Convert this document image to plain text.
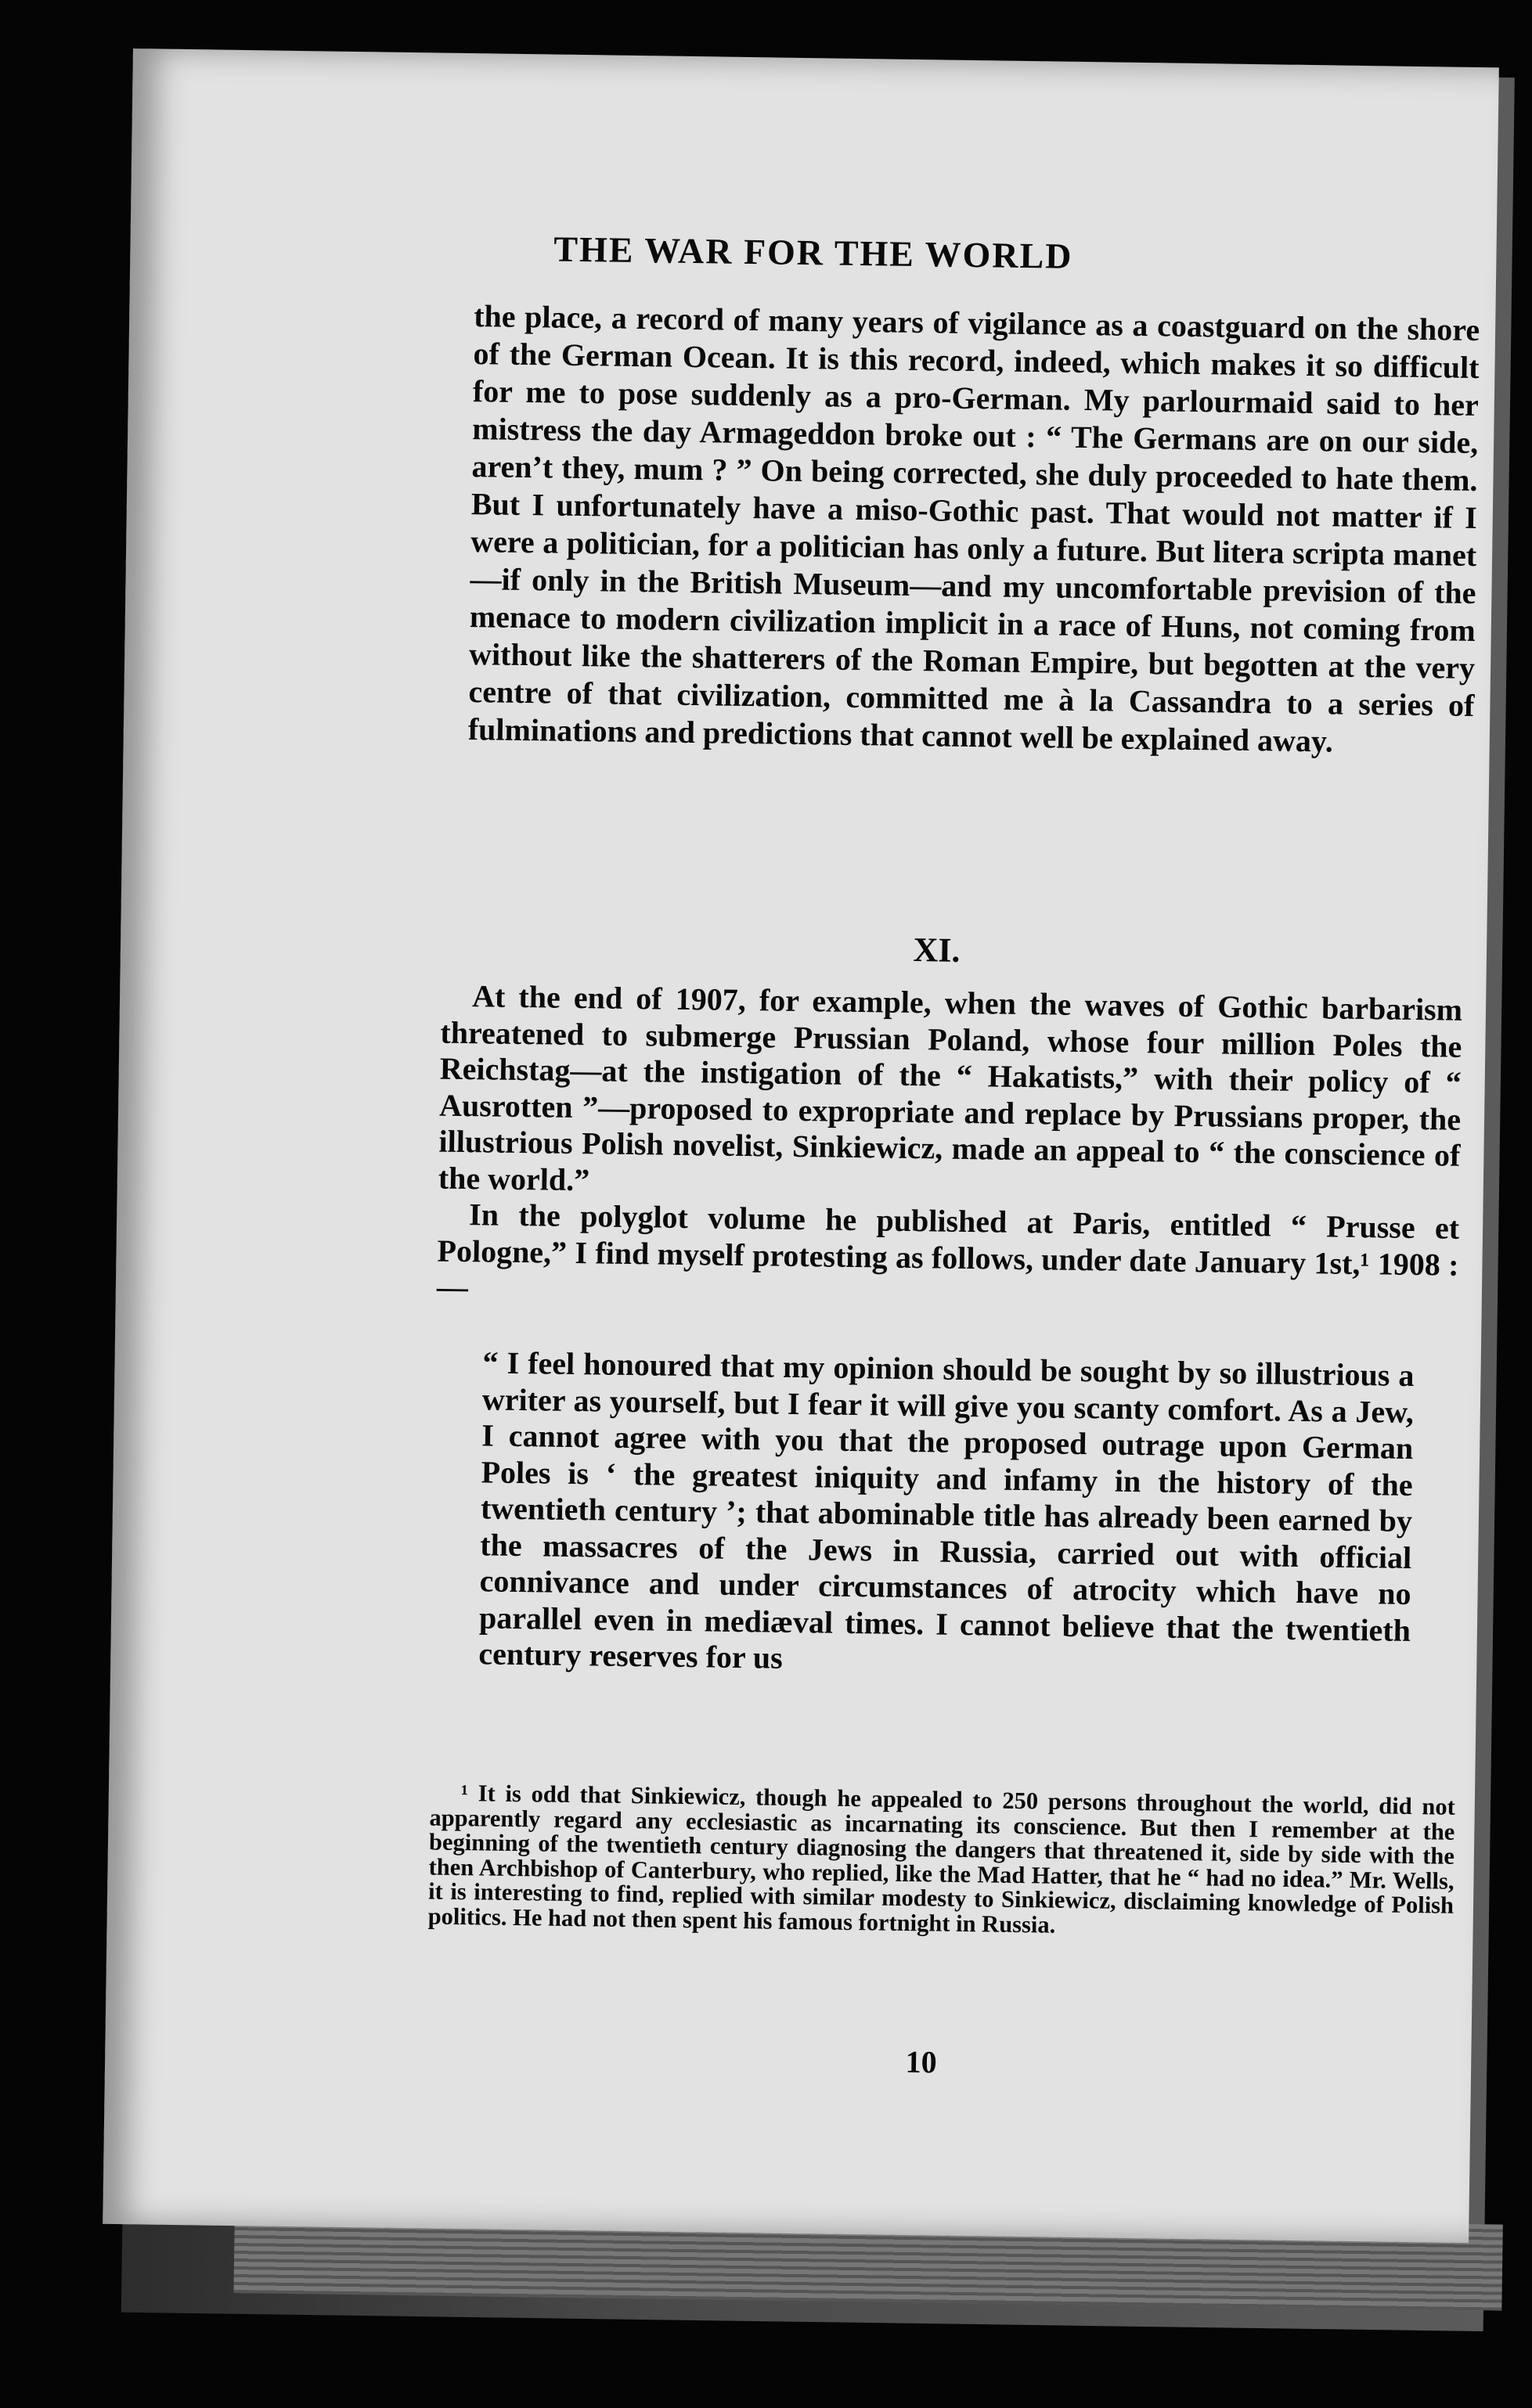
THE WAR FOR THE WORLD

the place, a record of many years of vigilance as a coastguard on the shore of the German Ocean. It is this record, indeed, which makes it so difficult for me to pose suddenly as a pro-German. My parlourmaid said to her mistress the day Armageddon broke out : “ The Germans are on our side, aren’t they, mum ? ” On being corrected, she duly proceeded to hate them. But I unfortunately have a miso-Gothic past. That would not matter if I were a politician, for a politician has only a future. But litera scripta manet—if only in the British Museum—and my uncomfortable prevision of the menace to modern civilization implicit in a race of Huns, not coming from without like the shatterers of the Roman Empire, but begotten at the very centre of that civilization, committed me à la Cassandra to a series of fulminations and predictions that cannot well be explained away.

XI.

At the end of 1907, for example, when the waves of Gothic barbarism threatened to submerge Prussian Poland, whose four million Poles the Reichstag—at the instigation of the “ Hakatists,” with their policy of “ Ausrotten ”—proposed to expropriate and replace by Prussians proper, the illustrious Polish novelist, Sinkiewicz, made an appeal to “ the conscience of the world.”

In the polyglot volume he published at Paris, entitled “ Prusse et Pologne,” I find myself protesting as follows, under date January 1st,¹ 1908 :—

“ I feel honoured that my opinion should be sought by so illustrious a writer as yourself, but I fear it will give you scanty comfort. As a Jew, I cannot agree with you that the proposed outrage upon German Poles is ‘ the greatest iniquity and infamy in the history of the twentieth century ’; that abominable title has already been earned by the massacres of the Jews in Russia, carried out with official connivance and under circumstances of atrocity which have no parallel even in mediæval times. I cannot believe that the twentieth century reserves for us

¹ It is odd that Sinkiewicz, though he appealed to 250 persons throughout the world, did not apparently regard any ecclesiastic as incarnating its conscience. But then I remember at the beginning of the twentieth century diagnosing the dangers that threatened it, side by side with the then Archbishop of Canterbury, who replied, like the Mad Hatter, that he “ had no idea.” Mr. Wells, it is interesting to find, replied with similar modesty to Sinkiewicz, disclaiming knowledge of Polish politics. He had not then spent his famous fortnight in Russia.

10
